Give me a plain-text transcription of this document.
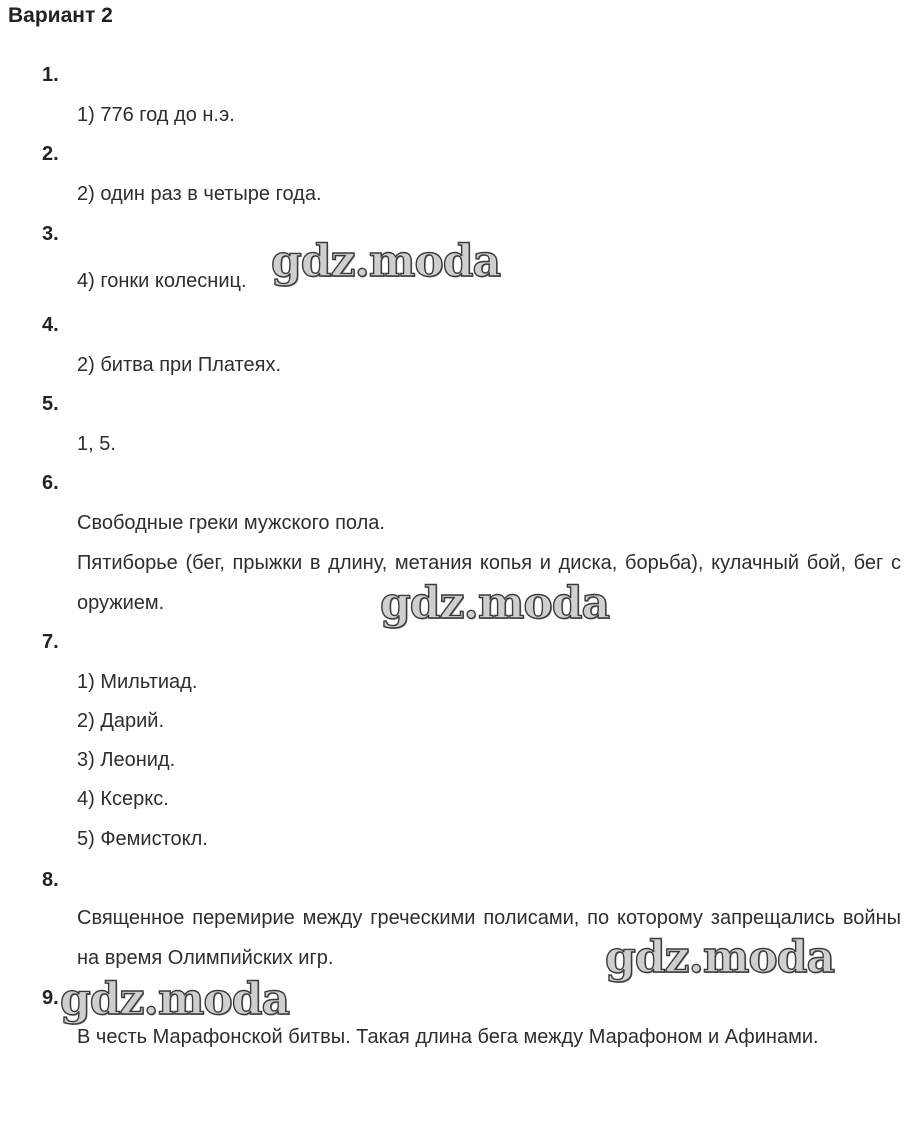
Вариант 2
1.
1) 776 год до н.э.
2.
2) один раз в четыре года.
3.
4) гонки колесниц. gdz.moda
4.
2) битва при Платеях.
5.
1, 5.
6.
Свободные греки мужского пола.
Пятиборье (бег, прыжки в длину, метания копья и диска, борьба), кулачный бой, бег с оружием.	gdz.moda
7.
1) Мильтиад.
2) Дарий.
3) Леонид.
4) Ксеркс.
5) Фемистокл.
8.
Священное перемирие между греческими полисами, по которому запрещались войны на время Олимпийских игр.	gdz.moda
9. gdz.moda
В честь Марафонской битвы. Такая длина бега между Марафоном и Афинами.
